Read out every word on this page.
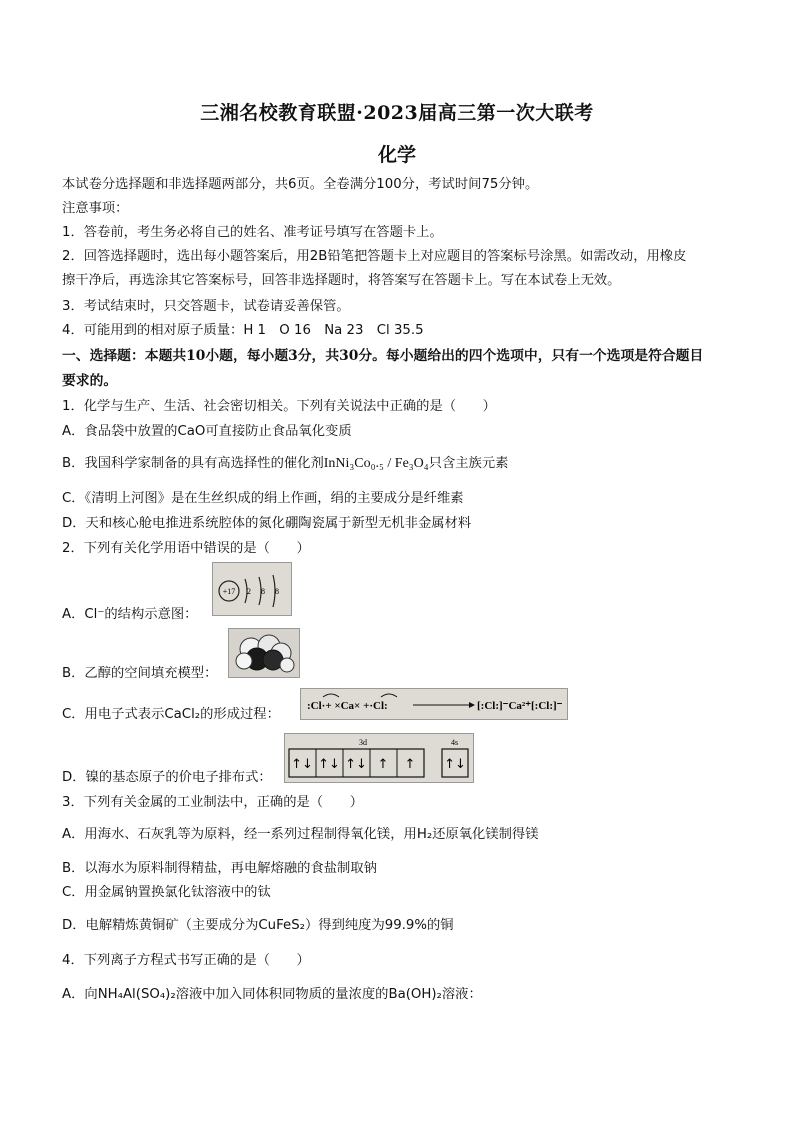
三湘名校教育联盟·2023届高三第一次大联考
化学
本试卷分选择题和非选择题两部分，共6页。全卷满分100分，考试时间75分钟。
注意事项：
1．答卷前，考生务必将自己的姓名、准考证号填写在答题卡上。
2．回答选择题时，选出每小题答案后，用2B铅笔把答题卡上对应题目的答案标号涂黑。如需改动，用橡皮
擦干净后，再选涂其它答案标号，回答非选择题时，将答案写在答题卡上。写在本试卷上无效。
3．考试结束时，只交答题卡，试卷请妥善保管。
4．可能用到的相对原子质量：H 1　O 16　Na 23　Cl 35.5
一、选择题：本题共10小题，每小题3分，共30分。每小题给出的四个选项中，只有一个选项是符合题目
要求的。
1．化学与生产、生活、社会密切相关。下列有关说法中正确的是（　　）
A．食品袋中放置的CaO可直接防止食品氧化变质
B．我国科学家制备的具有高选择性的催化剂InNi₃Co₀.₅ / Fe₃O₄只含主族元素
C．《清明上河图》是在生丝织成的绢上作画，绢的主要成分是纤维素
D．天和核心舱电推进系统腔体的氮化硼陶瓷属于新型无机非金属材料
2．下列有关化学用语中错误的是（　　）
+17 2 8 8
A．Cl⁻的结构示意图：
B．乙醇的空间填充模型：
:Cl·+ ×Ca× +·Cl:	[:Cl:]⁻Ca²⁺[:Cl:]⁻
C．用电子式表示CaCl₂的形成过程：
3d	4s
↑↓ ↑↓ ↑↓ ↑ ↑ ↑↓
D．镍的基态原子的价电子排布式：
3．下列有关金属的工业制法中，正确的是（　　）
A．用海水、石灰乳等为原料，经一系列过程制得氧化镁，用H₂还原氧化镁制得镁
B．以海水为原料制得精盐，再电解熔融的食盐制取钠
C．用金属钠置换氯化钛溶液中的钛
D．电解精炼黄铜矿（主要成分为CuFeS₂）得到纯度为99.9%的铜
4．下列离子方程式书写正确的是（　　）
A．向NH₄Al(SO₄)₂溶液中加入同体积同物质的量浓度的Ba(OH)₂溶液：
